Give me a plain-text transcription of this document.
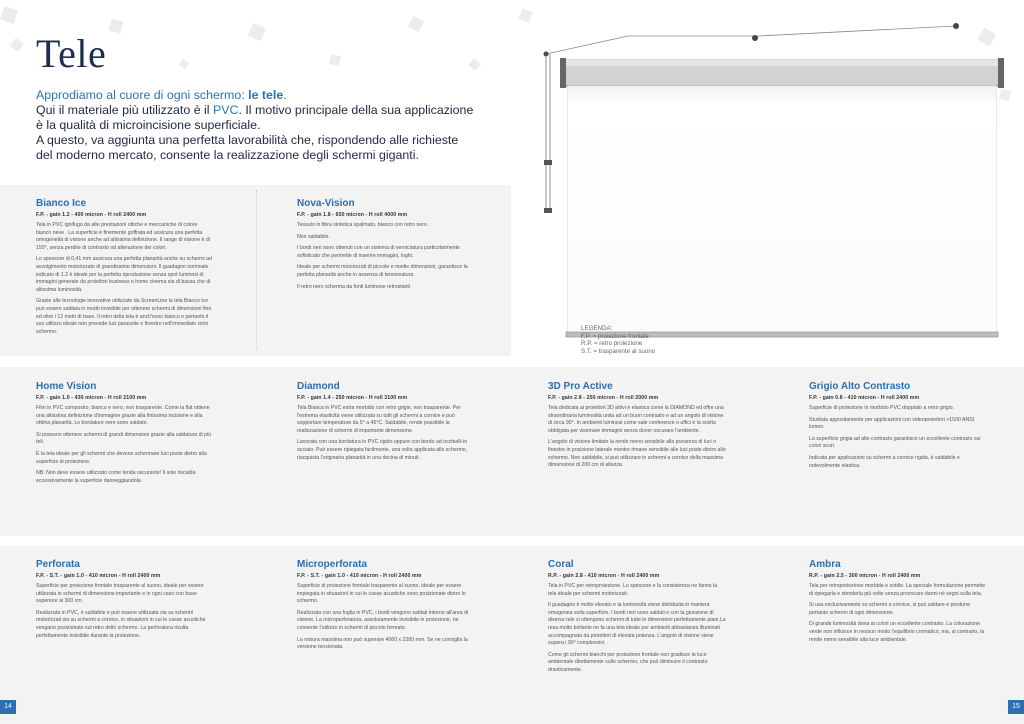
Tele
Approdiamo al cuore di ogni schermo: le tele.
Qui il materiale più utilizzato è il PVC. Il motivo principale della sua applicazione è la qualità di microincisione superficiale.
A questo, va aggiunta una perfetta lavorabilità che, rispondendo alle richieste del moderno mercato, consente la realizzazione degli schermi giganti.
LEGENDA:
F.P. = proiezione frontale
R.P. = retro proiezione
S.T. = trasparente al suono
Bianco Ice
F.P. - gain 1.2 - 400 micron - H roll 2400 mm

Tela in PVC ignifugo da alte prestazioni ottiche e meccaniche di colore bianco neve . La superficie è finemente goffrata ed assicura una perfetta omogeneità di visione anche ad altissima definizione. Il range di visione è di 150°, senza perdite di contrasto od alterazione dei colori.

Lo spessore di 0,41 mm assicura una perfetta planarità anche su schermi ad avvolgimento motorizzato di grandissime dimensioni. Il guadagno nominale indicato di 1.2 è ideale per la perfetta riproduzione senza spot luminosi di immagini generate da proiettori business o home cinema sia di bassa che di altissima luminosità.

Grazie alle tecnologie innovative utilizzate da ScreenLine la tela Bianco Ice può essere saldata in modo invisibile per ottenere schermi di dimensioni fino ed oltre i 12 metri di base. Il retro della tela è anch'esso bianco e pertanto il suo utilizzo ideale non prevede luci parassite o finestre nell'immediato retro schermo.

Nova-Vision
F.P. - gain 1.8 - 650 micron - H roll 4000 mm

Tessuto in fibra sintetica spalmato, bianco con retro nero.

Non saldabile.

I bordi neri sono ottenuti con un sistema di verniciatura particolarmente sofisticato che permette di inserire immagini, loghi.

Ideale per schermi motorizzati di piccole e medie dimensioni, garantisce la perfetta planarità anche in assenza di tensionatura.

Il retro nero scherma da fonti luminose retrostanti

Home Vision
F.P. - gain 1.0 - 430 micron - H roll 2100 mm

Film in PVC composito, bianco e nero, non trasparente. Come la flat ottiene una altissima definizione d'immagine grazie alla finissima incisione e alla ottima planarità. Le bordature nere sono saldate.

Si possono ottenere schermi di grandi dimensioni grazie alla saldatura di più teli.

È la tela ideale per gli schermi che devono schermare luci poste dietro alla superficie di proiezione.

NB: Non deve essere utilizzato come tenda oscurante! Il sole riscalda eccessivamente la superficie danneggiandola.

Diamond
F.P. - gain 1.4 - 250 micron - H roll 3100 mm

Tela Bianca in PVC extra morbido con retro grigio, non trasparente. Per l'estrema elasticità viene utilizzata su tutti gli schermi a cornice e può sopportare temperature da 5° a 45°C. Saldabile, rende possibile la realizzazione di schermi di importante dimensione.

Lavorata con una bordatura in PVC rigido oppure con bordo ad occhielli in acciaio. Può essere ripiegata facilmente, una volta applicata allo schermo, riacquista l'originaria planarità in una decina di minuti.

3D Pro Active
F.P. - gain 2.8 - 250 micron - H roll 2000 mm

Tela dedicata ai proiettori 3D attivi è elastica come la DIAMOND ed offre una straordinaria luminosità unita ad un buon contrasto e ad un angolo di visione di circa 90°. In ambienti luminosi come sale conferenze o uffici è la scelta obbligata per visionare immagini senza dover oscurare l'ambiente.

L'angolo di visione limitato la rende meno sensibile alla presenza di luci o finestre in posizione laterale mentre rimane sensibile alle luci poste dietro allo schermo. Non saldabile, si può utilizzare in schermi a cornice della massima dimensione di 200 cm di altezza.

Grigio Alto Contrasto
F.P. - gain 0.8 - 410 micron - H roll 2400 mm

Superficie di proiezione in morbido PVC doppiato a retro grigio.

Studiata appositamente per applicazioni con videoproiettori >1500 ANSI lumen.

La superficie grigia ad alto contrasto garantisce un eccellente contrasto sui colori scuri.

Indicata per applicazioni su schermi a cornice rigida, è saldabile e notevolmente elastica.

Perforata
F.P. - S.T. - gain 1.0 - 410 micron - H roll 2400 mm

Superficie per proiezione frontale trasparente al suono, ideale per essere utilizzata in schermi di dimensione importante e in ogni caso con base superiore ai 300 cm.

Realizzata in PVC, è saldabile e può essere utilizzata sia su schermi motorizzati sia su schermi a cornice, in situazioni in cui le casse acustiche vengano posizionate sul retro dello schermo. La perforatura risulta perfettamente invisibile durante la proiezione.

Microperforata
F.P. - S.T. - gain 1.0 - 410 micron - H roll 2400 mm

Superficie di proiezione frontale trasparente al suono, ideale per essere impiegata in situazioni in cui le casse acustiche sono posizionate dietro lo schermo.

Realizzata con una foglia in PVC, i bordi vengono saldati intorno all'area di visione. La microperforatura, assolutamente invisibile in proiezione, ne consente l'utilizzo in schermi di piccolo formato.

La misura massima non può superare 4060 x 2280 mm. Se ne consiglia la versione tensionata.

Coral
R.P. - gain 2.8 - 410 micron - H roll 2400 mm

Tela in PVC per retroproiezione. Lo spessore e la consistenza ne fanno la tela ideale per schermi motorizzati.

Il guadagno è molto elevato e la luminosità viene distribuita in maniera omogenea sulla superficie. I bordi neri sono saldati e con la giunzione di diverse tele si ottengono schermi di tutte le dimensioni perfettamente piani.La resa molto brillante ne fa una tela ideale per ambienti abbastanza illuminati accompagnata da proiettori di elevata potenza. L'angolo di visione viene supera i 90° complessivi.

Come gli schermi bianchi per proiezione frontale non gradisce la luce ambientale direttamente sullo schermo, che può diminuire il contrasto drasticamente.

Ambra
R.P. - gain 2.5 - 300 micron - H roll 2400 mm

Tela per retroproiezione morbida e sottile. La speciale formulazione permette di ripiegarla e stenderla più volte senza provocare danni né segni sulla tela.

Si usa esclusivamente su schermi a cornice, si può saldare e produrre pertanto schermi di ogni dimensione.

Di grande luminosità dona ai colori un eccellente contrasto. La colorazione verde non influisce in nessun modo l'equilibrio cromatico, ma, al contrario, la rende meno sensibile alla luce ambientale.

14	15
